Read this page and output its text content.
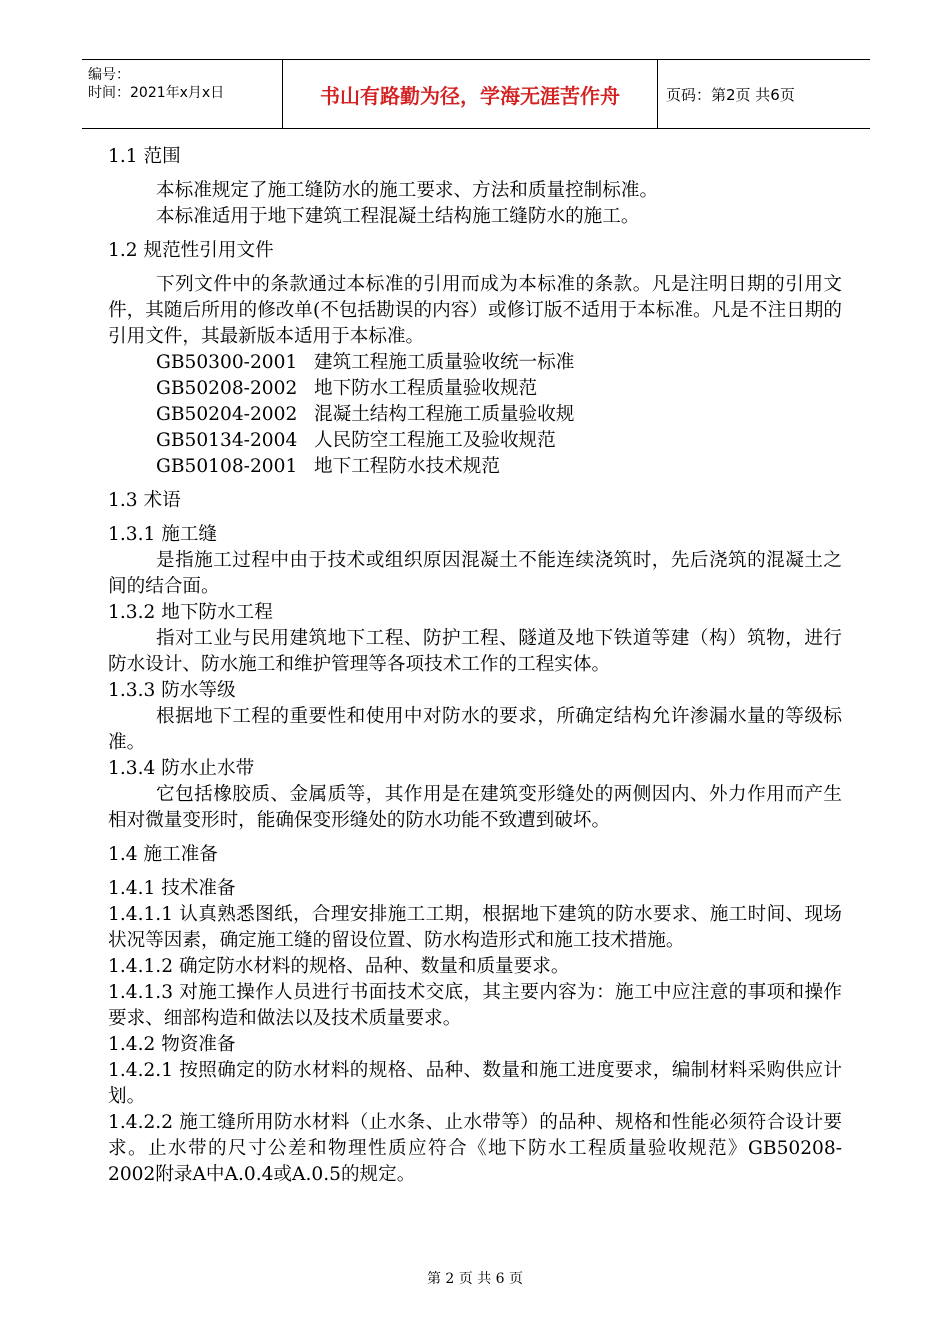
编号：
时间：2021年x月x日	书山有路勤为径，学海无涯苦作舟	页码：第2页 共6页

1.1 范围

本标准规定了施工缝防水的施工要求、方法和质量控制标准。

本标准适用于地下建筑工程混凝土结构施工缝防水的施工。

1.2 规范性引用文件

下列文件中的条款通过本标准的引用而成为本标准的条款。凡是注明日期的引用文件，其随后所用的修改单(不包括勘误的内容）或修订版不适用于本标准。凡是不注日期的引用文件，其最新版本适用于本标准。

GB50300-2001 建筑工程施工质量验收统一标准
GB50208-2002 地下防水工程质量验收规范
GB50204-2002 混凝土结构工程施工质量验收规
GB50134-2004 人民防空工程施工及验收规范
GB50108-2001 地下工程防水技术规范

1.3 术语

1.3.1 施工缝

是指施工过程中由于技术或组织原因混凝土不能连续浇筑时，先后浇筑的混凝土之间的结合面。

1.3.2 地下防水工程

指对工业与民用建筑地下工程、防护工程、隧道及地下铁道等建（构）筑物，进行防水设计、防水施工和维护管理等各项技术工作的工程实体。

1.3.3 防水等级

根据地下工程的重要性和使用中对防水的要求，所确定结构允许渗漏水量的等级标准。

1.3.4 防水止水带

它包括橡胶质、金属质等，其作用是在建筑变形缝处的两侧因内、外力作用而产生相对微量变形时，能确保变形缝处的防水功能不致遭到破坏。

1.4 施工准备

1.4.1 技术准备

1.4.1.1 认真熟悉图纸，合理安排施工工期，根据地下建筑的防水要求、施工时间、现场状况等因素，确定施工缝的留设位置、防水构造形式和施工技术措施。

1.4.1.2 确定防水材料的规格、品种、数量和质量要求。

1.4.1.3 对施工操作人员进行书面技术交底，其主要内容为：施工中应注意的事项和操作要求、细部构造和做法以及技术质量要求。

1.4.2 物资准备

1.4.2.1 按照确定的防水材料的规格、品种、数量和施工进度要求，编制材料采购供应计划。

1.4.2.2 施工缝所用防水材料（止水条、止水带等）的品种、规格和性能必须符合设计要求。止水带的尺寸公差和物理性质应符合《地下防水工程质量验收规范》GB50208-2002附录A中A.0.4或A.0.5的规定。

第 2 页 共 6 页
